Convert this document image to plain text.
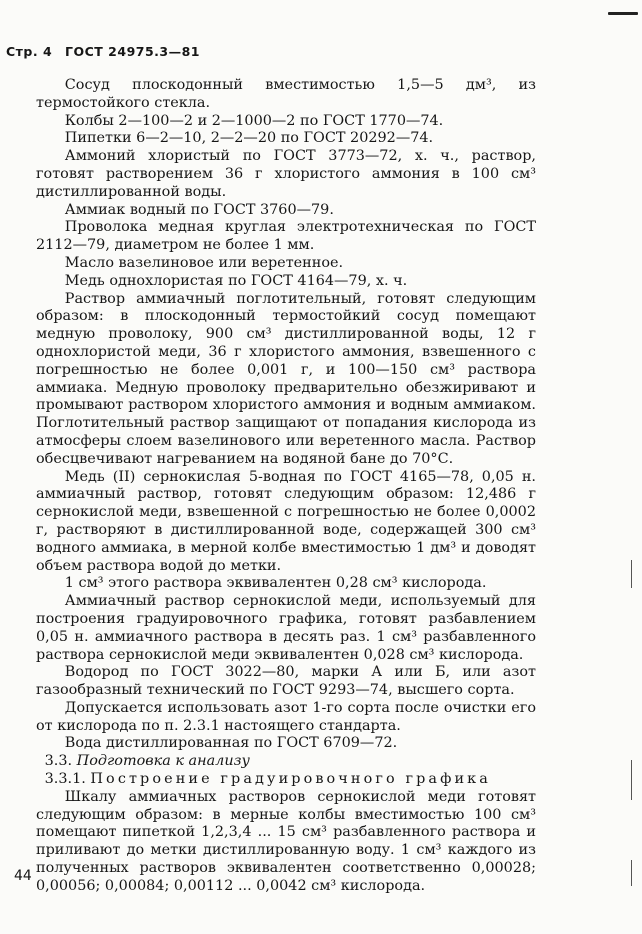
Стр. 4 ГОСТ 24975.3—81

Сосуд плоскодонный вместимостью 1,5—5 дм³, из термостойкого стекла.

Колбы 2—100—2 и 2—1000—2 по ГОСТ 1770—74.

Пипетки 6—2—10, 2—2—20 по ГОСТ 20292—74.

Аммоний хлористый по ГОСТ 3773—72, х. ч., раствор, готовят растворением 36 г хлористого аммония в 100 см³ дистиллированной воды.

Аммиак водный по ГОСТ 3760—79.

Проволока медная круглая электротехническая по ГОСТ 2112—79, диаметром не более 1 мм.

Масло вазелиновое или веретенное.

Медь однохлористая по ГОСТ 4164—79, х. ч.

Раствор аммиачный поглотительный, готовят следующим образом: в плоскодонный термостойкий сосуд помещают медную проволоку, 900 см³ дистиллированной воды, 12 г однохлористой меди, 36 г хлористого аммония, взвешенного с погрешностью не более 0,001 г, и 100—150 см³ раствора аммиака. Медную проволоку предварительно обезжиривают и промывают раствором хлористого аммония и водным аммиаком. Поглотительный раствор защищают от попадания кислорода из атмосферы слоем вазелинового или веретенного масла. Раствор обесцвечивают нагреванием на водяной бане до 70°С.

Медь (II) сернокислая 5-водная по ГОСТ 4165—78, 0,05 н. аммиачный раствор, готовят следующим образом: 12,486 г сернокислой меди, взвешенной с погрешностью не более 0,0002 г, растворяют в дистиллированной воде, содержащей 300 см³ водного аммиака, в мерной колбе вместимостью 1 дм³ и доводят объем раствора водой до метки.

1 см³ этого раствора эквивалентен 0,28 см³ кислорода.

Аммиачный раствор сернокислой меди, используемый для построения градуировочного графика, готовят разбавлением 0,05 н. аммиачного раствора в десять раз. 1 см³ разбавленного раствора сернокислой меди эквивалентен 0,028 см³ кислорода.

Водород по ГОСТ 3022—80, марки А или Б, или азот газообразный технический по ГОСТ 9293—74, высшего сорта.

Допускается использовать азот 1-го сорта после очистки его от кислорода по п. 2.3.1 настоящего стандарта.

Вода дистиллированная по ГОСТ 6709—72.

3.3. Подготовка к анализу

3.3.1. Построение градуировочного графика

Шкалу аммиачных растворов сернокислой меди готовят следующим образом: в мерные колбы вместимостью 100 см³ помещают пипеткой 1,2,3,4 ... 15 см³ разбавленного раствора и приливают до метки дистиллированную воду. 1 см³ каждого из полученных растворов эквивалентен соответственно 0,00028; 0,00056; 0,00084; 0,00112 ... 0,0042 см³ кислорода.

44
